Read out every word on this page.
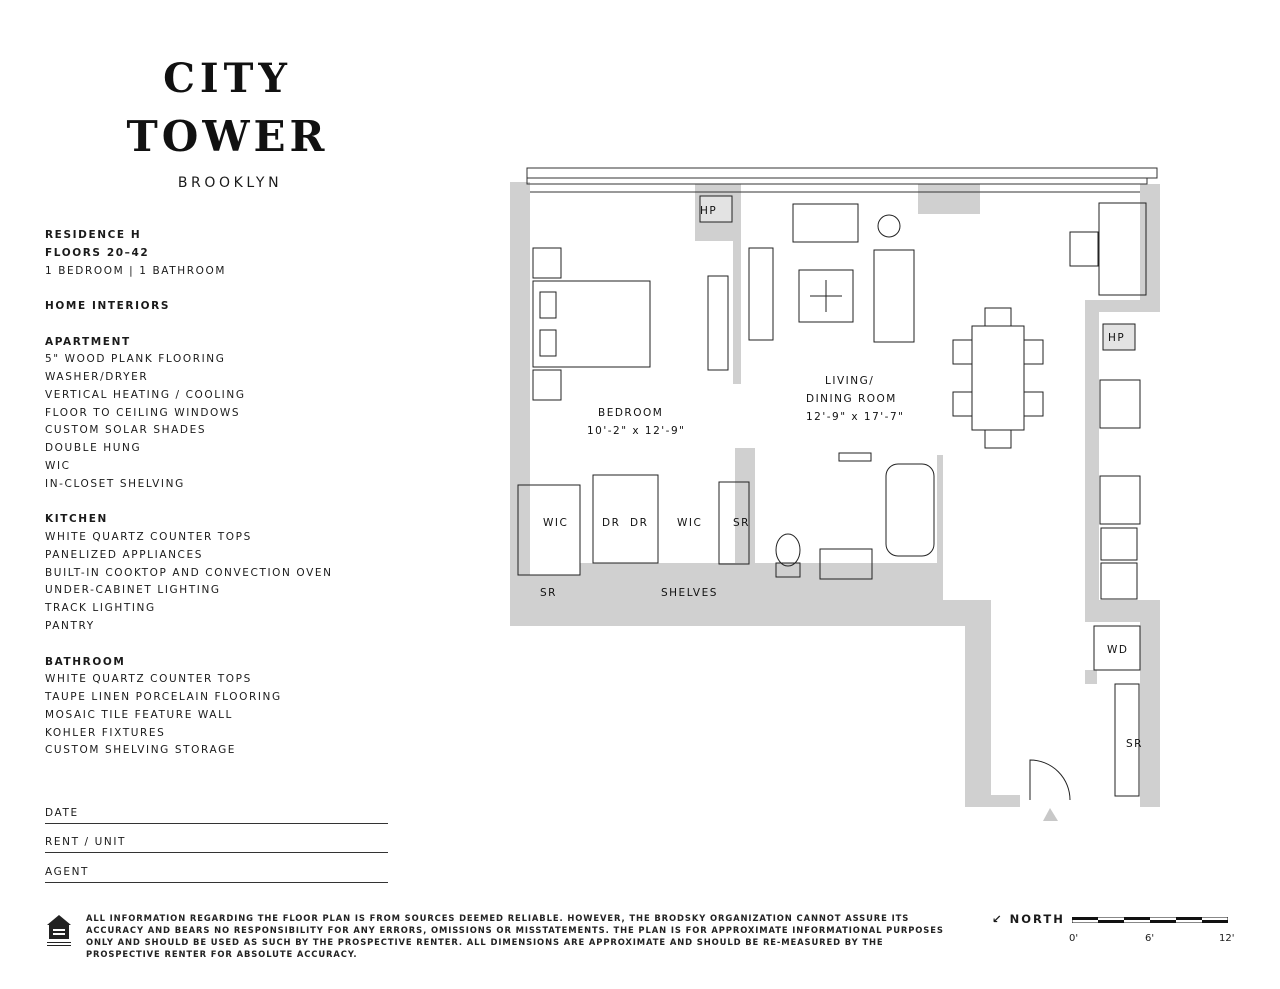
CITY
TOWER
BROOKLYN
RESIDENCE H
FLOORS 20–42
1 BEDROOM | 1 BATHROOM
HOME INTERIORS
APARTMENT
5" WOOD PLANK FLOORING
WASHER/DRYER
VERTICAL HEATING / COOLING
FLOOR TO CEILING WINDOWS
CUSTOM SOLAR SHADES
DOUBLE HUNG
WIC
IN-CLOSET SHELVING
KITCHEN
WHITE QUARTZ COUNTER TOPS
PANELIZED APPLIANCES
BUILT-IN COOKTOP AND CONVECTION OVEN
UNDER-CABINET LIGHTING
TRACK LIGHTING
PANTRY
BATHROOM
WHITE QUARTZ COUNTER TOPS
TAUPE LINEN PORCELAIN FLOORING
MOSAIC TILE FEATURE WALL
KOHLER FIXTURES
CUSTOM SHELVING STORAGE
DATE
RENT / UNIT
AGENT
HP
HP
BEDROOM
10'-2" x 12'-9"
LIVING/
DINING ROOM
12'-9" x 17'-7"
WIC	DR DR	WIC	SR
SR	SHELVES
WD
SR
ALL INFORMATION REGARDING THE FLOOR PLAN IS FROM SOURCES DEEMED RELIABLE. HOWEVER, THE BRODSKY ORGANIZATION CANNOT ASSURE ITS ACCURACY AND BEARS NO RESPONSIBILITY FOR ANY ERRORS, OMISSIONS OR MISSTATEMENTS. THE PLAN IS FOR APPROXIMATE INFORMATIONAL PURPOSES ONLY AND SHOULD BE USED AS SUCH BY THE PROSPECTIVE RENTER. ALL DIMENSIONS ARE APPROXIMATE AND SHOULD BE RE-MEASURED BY THE PROSPECTIVE RENTER FOR ABSOLUTE ACCURACY.
↙ NORTH
0'	6'	12'
